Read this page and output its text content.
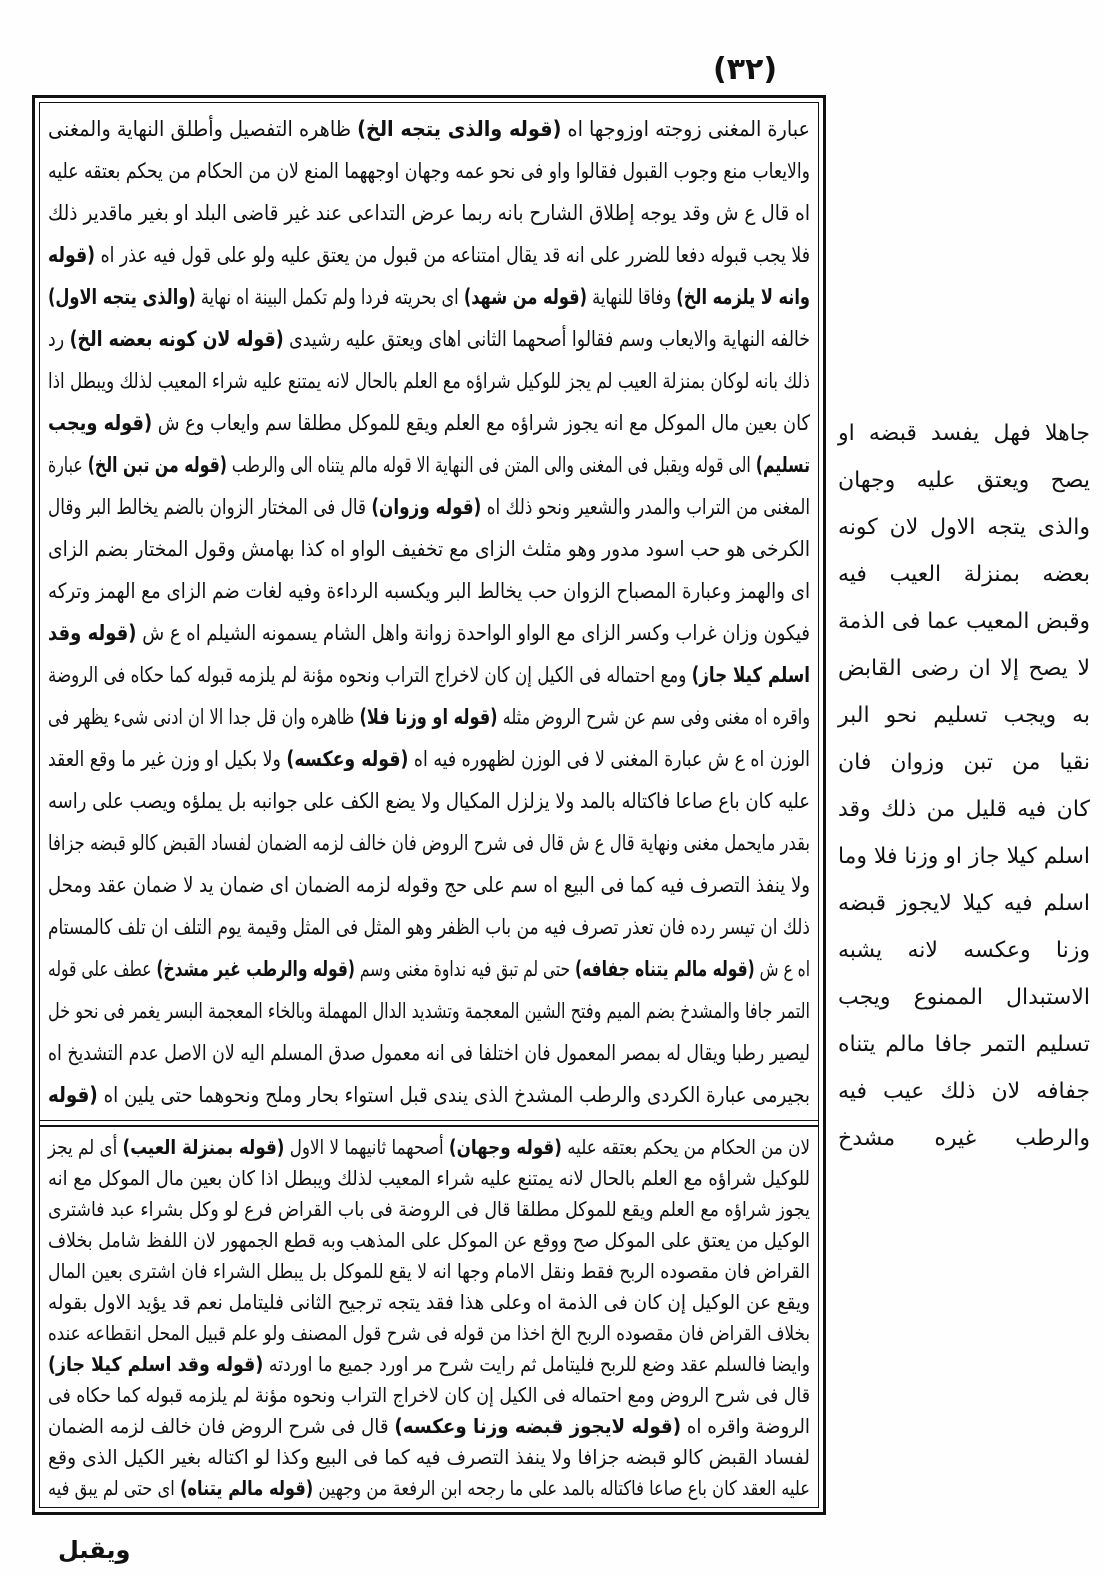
(٣٢)
عبارة المغنى زوجته اوزوجها اه (قوله والذى يتجه الخ) ظاهره التفصيل وأطلق النهاية والمغنى
والايعاب منع وجوب القبول فقالوا واو فى نحو عمه وجهان اوجههما المنع لان من الحكام من يحكم بعتقه عليه
اه قال ع ش وقد يوجه إطلاق الشارح بانه ربما عرض التداعى عند غير قاضى البلد او بغير ماقدير ذلك
فلا يجب قبوله دفعا للضرر على انه قد يقال امتناعه من قبول من يعتق عليه ولو على قول فيه عذر اه (قوله
وانه لا يلزمه الخ) وفاقا للنهاية (قوله من شهد) اى بحريته فردا ولم تكمل البينة اه نهاية (والذى يتجه الاول)
خالفه النهاية والايعاب وسم فقالوا أصحهما الثانى اهاى ويعتق عليه رشيدى (قوله لان كونه بعضه الخ) رد
ذلك بانه لوكان بمنزلة العيب لم يجز للوكيل شراؤه مع العلم بالحال لانه يمتنع عليه شراء المعيب لذلك ويبطل اذا
كان بعين مال الموكل مع انه يجوز شراؤه مع العلم ويقع للموكل مطلقا سم وايعاب وع ش (قوله ويجب
تسليم) الى قوله ويقبل فى المغنى والى المتن فى النهاية الا قوله مالم يتناه الى والرطب (قوله من تبن الخ) عبارة
المغنى من التراب والمدر والشعير ونحو ذلك اه (قوله وزوان) قال فى المختار الزوان بالضم يخالط البر وقال
الكرخى هو حب اسود مدور وهو مثلث الزاى مع تخفيف الواو اه كذا بهامش وقول المختار بضم الزاى
اى والهمز وعبارة المصباح الزوان حب يخالط البر ويكسبه الرداءة وفيه لغات ضم الزاى مع الهمز وتركه
فيكون وزان غراب وكسر الزاى مع الواو الواحدة زوانة واهل الشام يسمونه الشيلم اه ع ش (قوله وقد
اسلم كيلا جاز) ومع احتماله فى الكيل إن كان لاخراج التراب ونحوه مؤنة لم يلزمه قبوله كما حكاه فى الروضة
واقره اه مغنى وفى سم عن شرح الروض مثله (قوله او وزنا فلا) ظاهره وان قل جدا الا ان ادنى شىء يظهر فى
الوزن اه ع ش عبارة المغنى لا فى الوزن لظهوره فيه اه (قوله وعكسه) ولا بكيل او وزن غير ما وقع العقد
عليه كان باع صاعا فاكتاله بالمد ولا يزلزل المكيال ولا يضع الكف على جوانبه بل يملؤه ويصب على راسه
بقدر مايحمل مغنى ونهاية قال ع ش قال فى شرح الروض فان خالف لزمه الضمان لفساد القبض كالو قبضه جزافا
ولا ينفذ التصرف فيه كما فى البيع اه سم على حج وقوله لزمه الضمان اى ضمان يد لا ضمان عقد ومحل
ذلك ان تيسر رده فان تعذر تصرف فيه من باب الظفر وهو المثل فى المثل وقيمة يوم التلف ان تلف كالمستام
اه ع ش (قوله مالم يتناه جفافه) حتى لم تبق فيه نداوة مغنى وسم (قوله والرطب غير مشدخ) عطف على قوله
التمر جافا والمشدخ بضم الميم وفتح الشين المعجمة وتشديد الدال المهملة وبالخاء المعجمة البسر يغمر فى نحو خل
ليصير رطبا ويقال له بمصر المعمول فان اختلفا فى انه معمول صدق المسلم اليه لان الاصل عدم التشديخ اه
بجيرمى عبارة الكردى والرطب المشدخ الذى يندى قبل استواء بحار وملح ونحوهما حتى يلين اه (قوله
لان من الحكام من يحكم بعتقه عليه (قوله وجهان) أصحهما ثانيهما لا الاول (قوله بمنزلة العيب) أى لم يجز
للوكيل شراؤه مع العلم بالحال لانه يمتنع عليه شراء المعيب لذلك ويبطل اذا كان بعين مال الموكل مع انه
يجوز شراؤه مع العلم ويقع للموكل مطلقا قال فى الروضة فى باب القراض فرع لو وكل بشراء عبد فاشترى
الوكيل من يعتق على الموكل صح ووقع عن الموكل على المذهب وبه قطع الجمهور لان اللفظ شامل بخلاف
القراض فان مقصوده الربح فقط ونقل الامام وجها انه لا يقع للموكل بل يبطل الشراء فان اشترى بعين المال
ويقع عن الوكيل إن كان فى الذمة اه وعلى هذا فقد يتجه ترجيح الثانى فليتامل نعم قد يؤيد الاول بقوله
بخلاف القراض فان مقصوده الربح الخ اخذا من قوله فى شرح قول المصنف ولو علم قبيل المحل انقطاعه عنده
وايضا فالسلم عقد وضع للربح فليتامل ثم رايت شرح مر اورد جميع ما اوردته (قوله وقد اسلم كيلا جاز)
قال فى شرح الروض ومع احتماله فى الكيل إن كان لاخراج التراب ونحوه مؤنة لم يلزمه قبوله كما حكاه فى
الروضة واقره اه (قوله لايجوز قبضه وزنا وعكسه) قال فى شرح الروض فان خالف لزمه الضمان
لفساد القبض كالو قبضه جزافا ولا ينفذ التصرف فيه كما فى البيع وكذا لو اكتاله بغير الكيل الذى وقع
عليه العقد كان باع صاعا فاكتاله بالمد على ما رجحه ابن الرفعة من وجهين (قوله مالم يتناه) اى حتى لم يبق فيه
جاهلا فهل يفسد قبضه او
يصح ويعتق عليه وجهان
والذى يتجه الاول لان كونه
بعضه بمنزلة العيب فيه
وقبض المعيب عما فى الذمة
لا يصح إلا ان رضى القابض
به ويجب تسليم نحو البر
نقيا من تبن وزوان فان
كان فيه قليل من ذلك وقد
اسلم كيلا جاز او وزنا فلا وما
اسلم فيه كيلا لايجوز قبضه
وزنا وعكسه لانه يشبه
الاستبدال الممنوع ويجب
تسليم التمر جافا مالم يتناه
جفافه لان ذلك عيب فيه
والرطب غيره مشدخ
ويقبل
